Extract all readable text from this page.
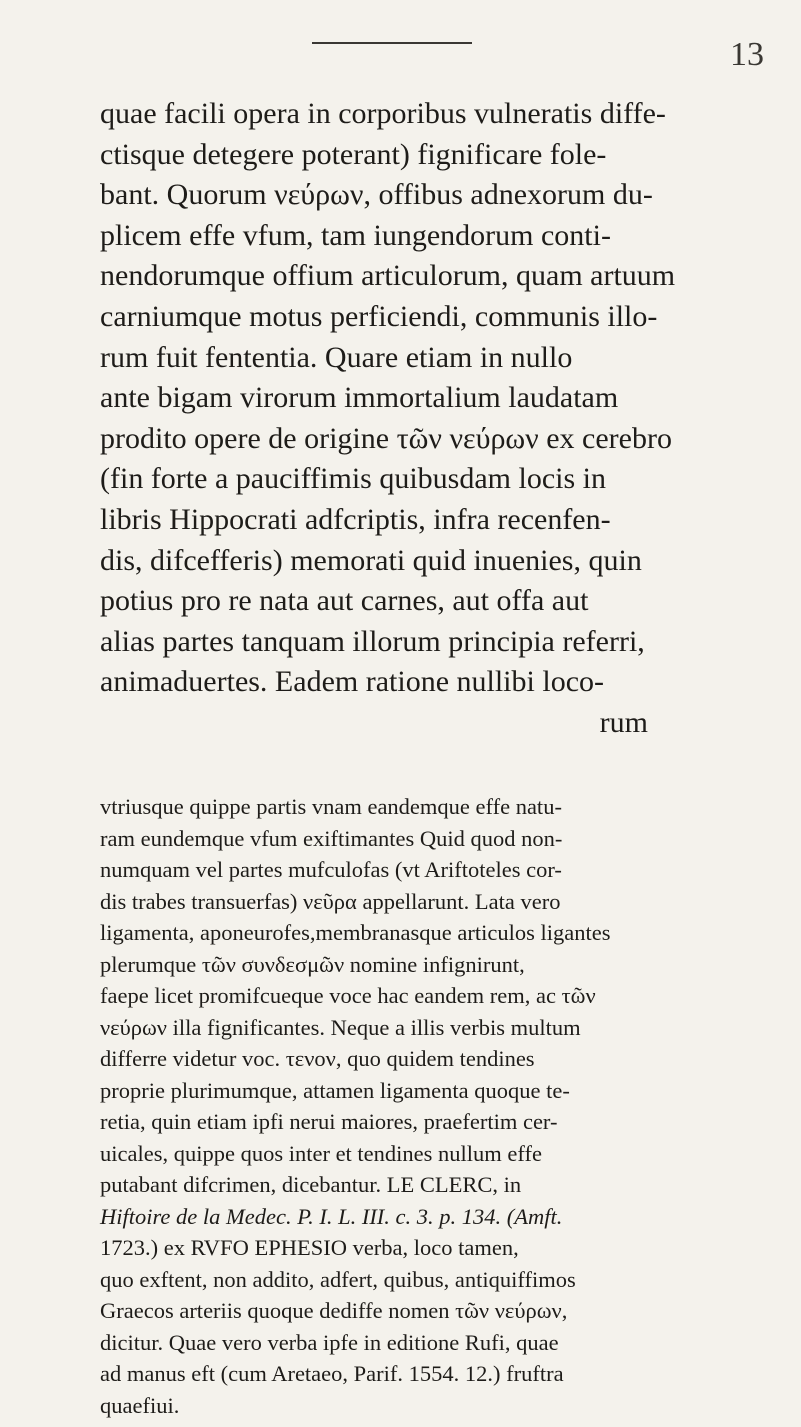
13
quae facili opera in corporibus vulneratis diffe-
ctisque detegere poterant) fignificare fole-
bant. Quorum νεύρων, offibus adnexorum du-
plicem effe vfum, tam iungendorum conti-
nendorumque offium articulorum, quam artuum
carniumque motus perficiendi, communis illo-
rum fuit fententia. Quare etiam in nullo
ante bigam virorum immortalium laudatam
prodito opere de origine τῶν νεύρων ex cerebro
(fin forte a pauciffimis quibusdam locis in
libris Hippocrati adfcriptis, infra recenfen-
dis, difcefferis) memorati quid inuenies, quin
potius pro re nata aut carnes, aut offa aut
alias partes tanquam illorum principia referri,
animaduertes. Eadem ratione nullibi loco-
rum
vtriusque quippe partis vnam eandemque effe natu-
ram eundemque vfum exiftimantes Quid quod non-
numquam vel partes mufculofas (vt Ariftoteles cor-
dis trabes transuerfas) νεῦρα appellarunt. Lata vero
ligamenta, aponeurofes,membranasque articulos ligantes
plerumque τῶν συνδεσμῶν nomine infignirunt,
faepe licet promifcueque voce hac eandem rem, ac τῶν
νεύρων illa fignificantes. Neque a illis verbis multum
differre videtur voc. τενον, quo quidem tendines
proprie plurimumque, attamen ligamenta quoque te-
retia, quin etiam ipfi nerui maiores, praefertim cer-
uicales, quippe quos inter et tendines nullum effe
putabant difcrimen, dicebantur. LE CLERC, in
Hiftoire de la Medec. P. I. L. III. c. 3. p. 134. (Amft.
1723.) ex RVFO EPHESIO verba, loco tamen,
quo exftent, non addito, adfert, quibus, antiquiffimos
Graecos arteriis quoque dediffe nomen τῶν νεύρων,
dicitur. Quae vero verba ipfe in editione Rufi, quae
ad manus eft (cum Aretaeo, Parif. 1554. 12.) fruftra
quaefiui.
